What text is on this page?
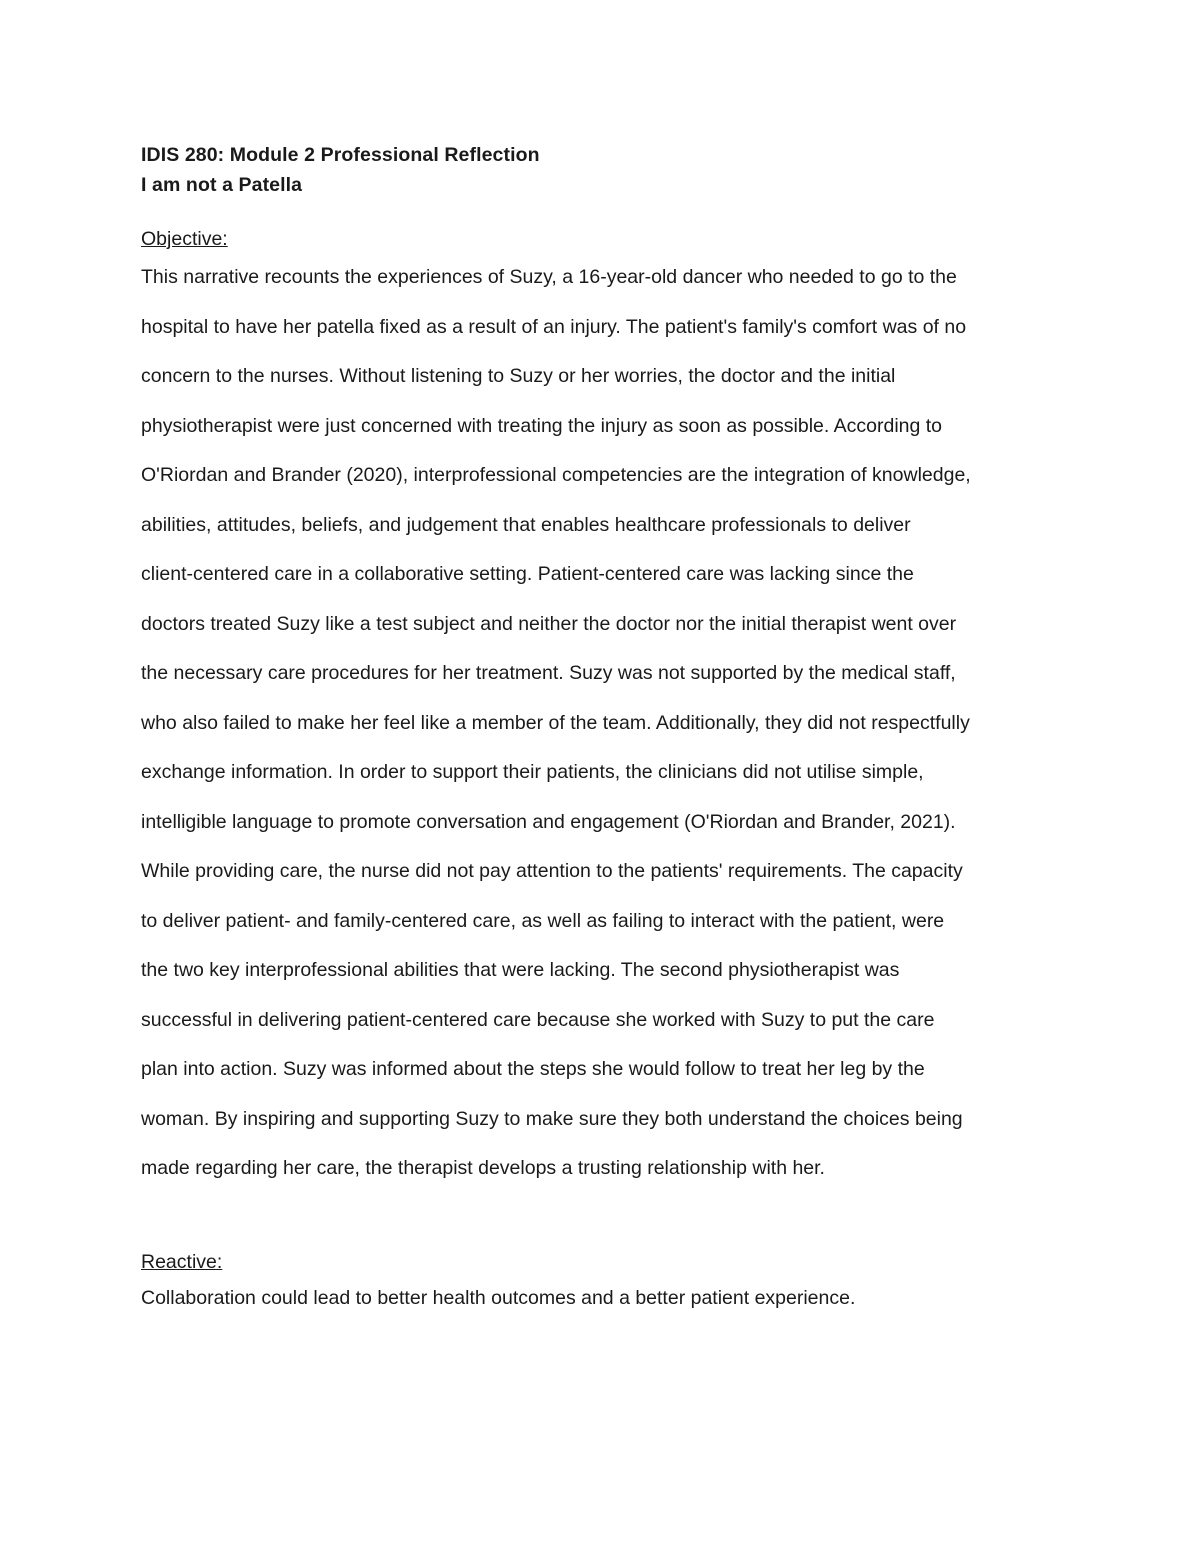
IDIS 280: Module 2 Professional Reflection

I am not a Patella

Objective:

This narrative recounts the experiences of Suzy, a 16-year-old dancer who needed to go to the

hospital to have her patella fixed as a result of an injury. The patient's family's comfort was of no

concern to the nurses. Without listening to Suzy or her worries, the doctor and the initial

physiotherapist were just concerned with treating the injury as soon as possible. According to

O'Riordan and Brander (2020), interprofessional competencies are the integration of knowledge,

abilities, attitudes, beliefs, and judgement that enables healthcare professionals to deliver

client-centered care in a collaborative setting. Patient-centered care was lacking since the

doctors treated Suzy like a test subject and neither the doctor nor the initial therapist went over

the necessary care procedures for her treatment. Suzy was not supported by the medical staff,

who also failed to make her feel like a member of the team. Additionally, they did not respectfully

exchange information. In order to support their patients, the clinicians did not utilise simple,

intelligible language to promote conversation and engagement (O'Riordan and Brander, 2021).

While providing care, the nurse did not pay attention to the patients' requirements. The capacity

to deliver patient- and family-centered care, as well as failing to interact with the patient, were

the two key interprofessional abilities that were lacking. The second physiotherapist was

successful in delivering patient-centered care because she worked with Suzy to put the care

plan into action. Suzy was informed about the steps she would follow to treat her leg by the

woman. By inspiring and supporting Suzy to make sure they both understand the choices being

made regarding her care, the therapist develops a trusting relationship with her.

Reactive:

Collaboration could lead to better health outcomes and a better patient experience.
